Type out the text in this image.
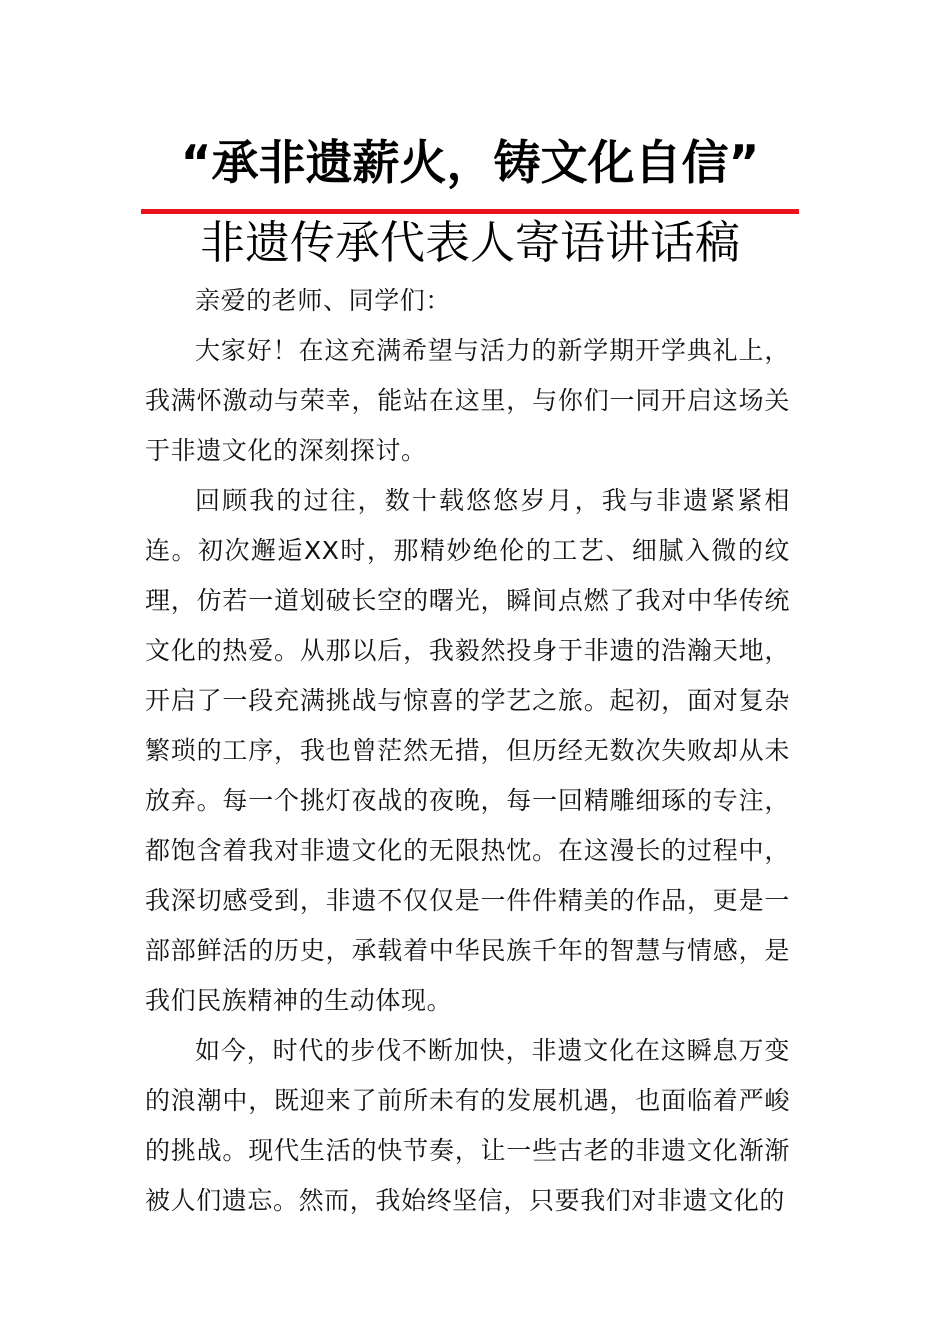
“承非遗薪火，铸文化自信”
非遗传承代表人寄语讲话稿

亲爱的老师、同学们：

大家好！在这充满希望与活力的新学期开学典礼上，我满怀激动与荣幸，能站在这里，与你们一同开启这场关于非遗文化的深刻探讨。

回顾我的过往，数十载悠悠岁月，我与非遗紧紧相连。初次邂逅XX时，那精妙绝伦的工艺、细腻入微的纹理，仿若一道划破长空的曙光，瞬间点燃了我对中华传统文化的热爱。从那以后，我毅然投身于非遗的浩瀚天地，开启了一段充满挑战与惊喜的学艺之旅。起初，面对复杂繁琐的工序，我也曾茫然无措，但历经无数次失败却从未放弃。每一个挑灯夜战的夜晚，每一回精雕细琢的专注，都饱含着我对非遗文化的无限热忱。在这漫长的过程中，我深切感受到，非遗不仅仅是一件件精美的作品，更是一部部鲜活的历史，承载着中华民族千年的智慧与情感，是我们民族精神的生动体现。

如今，时代的步伐不断加快，非遗文化在这瞬息万变的浪潮中，既迎来了前所未有的发展机遇，也面临着严峻的挑战。现代生活的快节奏，让一些古老的非遗文化渐渐被人们遗忘。然而，我始终坚信，只要我们对非遗文化的
